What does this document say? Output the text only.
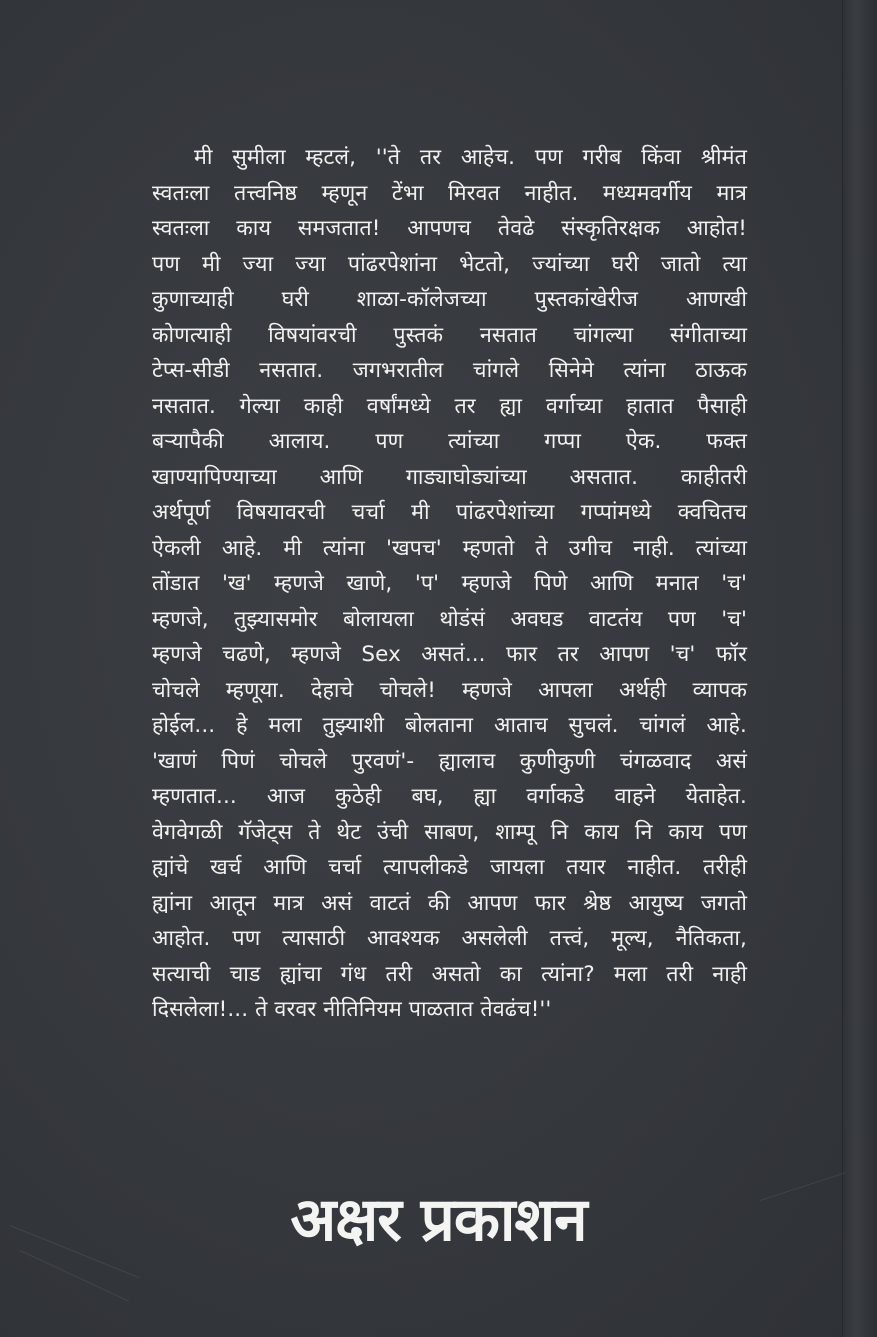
मी सुमीला म्हटलं, ''ते तर आहेच. पण गरीब किंवा श्रीमंत
स्वतःला तत्त्वनिष्ठ म्हणून टेंभा मिरवत नाहीत. मध्यमवर्गीय मात्र
स्वतःला काय समजतात! आपणच तेवढे संस्कृतिरक्षक आहोत!
पण मी ज्या ज्या पांढरपेशांना भेटतो, ज्यांच्या घरी जातो त्या
कुणाच्याही घरी शाळा-कॉलेजच्या पुस्तकांखेरीज आणखी
कोणत्याही विषयांवरची पुस्तकं नसतात चांगल्या संगीताच्या
टेप्स-सीडी नसतात. जगभरातील चांगले सिनेमे त्यांना ठाऊक
नसतात. गेल्या काही वर्षांमध्ये तर ह्या वर्गाच्या हातात पैसाही
बऱ्यापैकी आलाय. पण त्यांच्या गप्पा ऐक. फक्त
खाण्यापिण्याच्या आणि गाड्याघोड्यांच्या असतात. काहीतरी
अर्थपूर्ण विषयावरची चर्चा मी पांढरपेशांच्या गप्पांमध्ये क्वचितच
ऐकली आहे. मी त्यांना 'खपच' म्हणतो ते उगीच नाही. त्यांच्या
तोंडात 'ख' म्हणजे खाणे, 'प' म्हणजे पिणे आणि मनात 'च'
म्हणजे, तुझ्यासमोर बोलायला थोडंसं अवघड वाटतंय पण 'च'
म्हणजे चढणे, म्हणजे Sex असतं... फार तर आपण 'च' फॉर
चोचले म्हणूया. देहाचे चोचले! म्हणजे आपला अर्थही व्यापक
होईल... हे मला तुझ्याशी बोलताना आताच सुचलं. चांगलं आहे.
'खाणं पिणं चोचले पुरवणं'- ह्यालाच कुणीकुणी चंगळवाद असं
म्हणतात... आज कुठेही बघ, ह्या वर्गाकडे वाहने येताहेत.
वेगवेगळी गॅजेट्स ते थेट उंची साबण, शाम्पू नि काय नि काय पण
ह्यांचे खर्च आणि चर्चा त्यापलीकडे जायला तयार नाहीत. तरीही
ह्यांना आतून मात्र असं वाटतं की आपण फार श्रेष्ठ आयुष्य जगतो
आहोत. पण त्यासाठी आवश्यक असलेली तत्त्वं, मूल्य, नैतिकता,
सत्याची चाड ह्यांचा गंध तरी असतो का त्यांना? मला तरी नाही
दिसलेला!... ते वरवर नीतिनियम पाळतात तेवढंच!''
अक्षर प्रकाशन
